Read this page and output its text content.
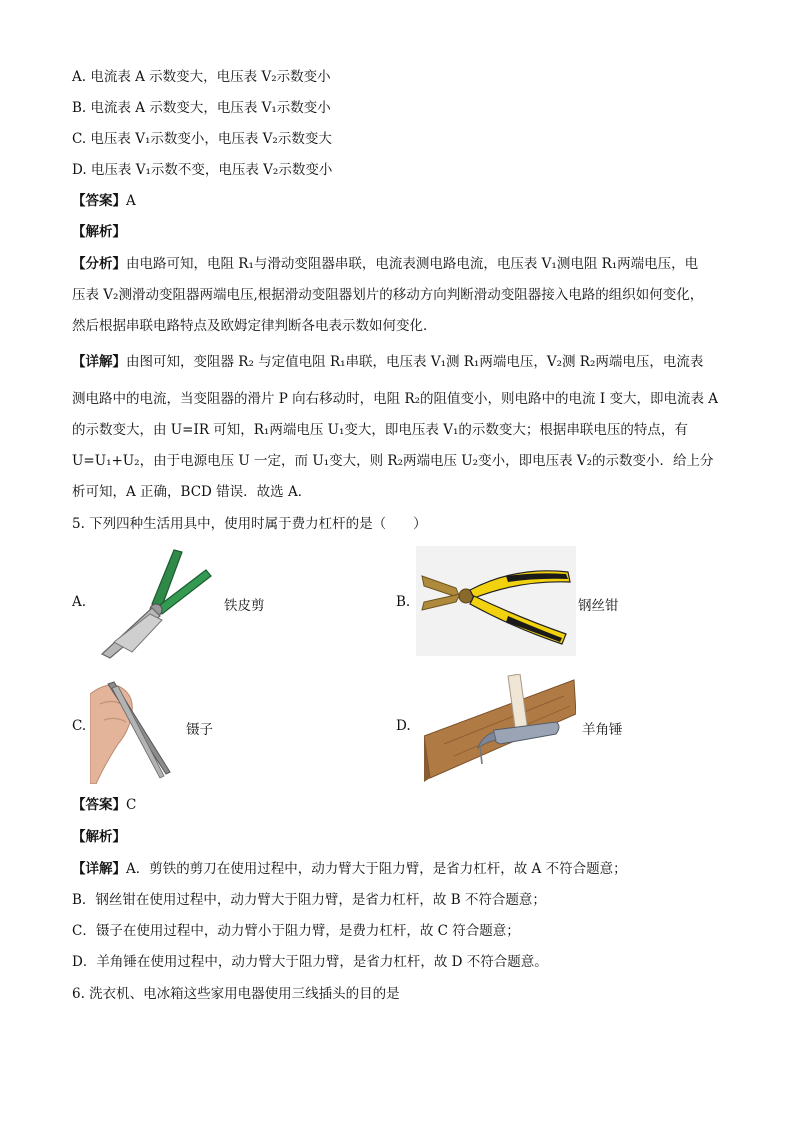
A. 电流表 A 示数变大，电压表 V₂示数变小
B. 电流表 A 示数变大，电压表 V₁示数变小
C. 电压表 V₁示数变小，电压表 V₂示数变大
D. 电压表 V₁示数不变，电压表 V₂示数变小
【答案】A
【解析】
【分析】由电路可知，电阻 R₁与滑动变阻器串联，电流表测电路电流，电压表 V₁测电阻 R₁两端电压，电
压表 V₂测滑动变阻器两端电压,根据滑动变阻器划片的移动方向判断滑动变阻器接入电路的组织如何变化，
然后根据串联电路特点及欧姆定律判断各电表示数如何变化．
【详解】由图可知，变阻器 R₂ 与定值电阻 R₁串联，电压表 V₁测 R₁两端电压，V₂测 R₂两端电压，电流表
测电路中的电流，当变阻器的滑片 P 向右移动时，电阻 R₂的阻值变小，则电路中的电流 I 变大，即电流表 A
的示数变大，由 U=IR 可知，R₁两端电压 U₁变大，即电压表 V₁的示数变大；根据串联电压的特点，有
U=U₁+U₂，由于电源电压 U 一定，而 U₁变大，则 R₂两端电压 U₂变小，即电压表 V₂的示数变小．给上分
析可知，A 正确，BCD 错误．故选 A．
5. 下列四种生活用具中，使用时属于费力杠杆的是（　　）
A.	铁皮剪	B.	钢丝钳
C.	镊子	D.	羊角锤
【答案】C
【解析】
【详解】A．剪铁的剪刀在使用过程中，动力臂大于阻力臂，是省力杠杆，故 A 不符合题意；
B．钢丝钳在使用过程中，动力臂大于阻力臂，是省力杠杆，故 B 不符合题意；
C．镊子在使用过程中，动力臂小于阻力臂，是费力杠杆，故 C 符合题意；
D．羊角锤在使用过程中，动力臂大于阻力臂，是省力杠杆，故 D 不符合题意。
6. 洗衣机、电冰箱这些家用电器使用三线插头的目的是
